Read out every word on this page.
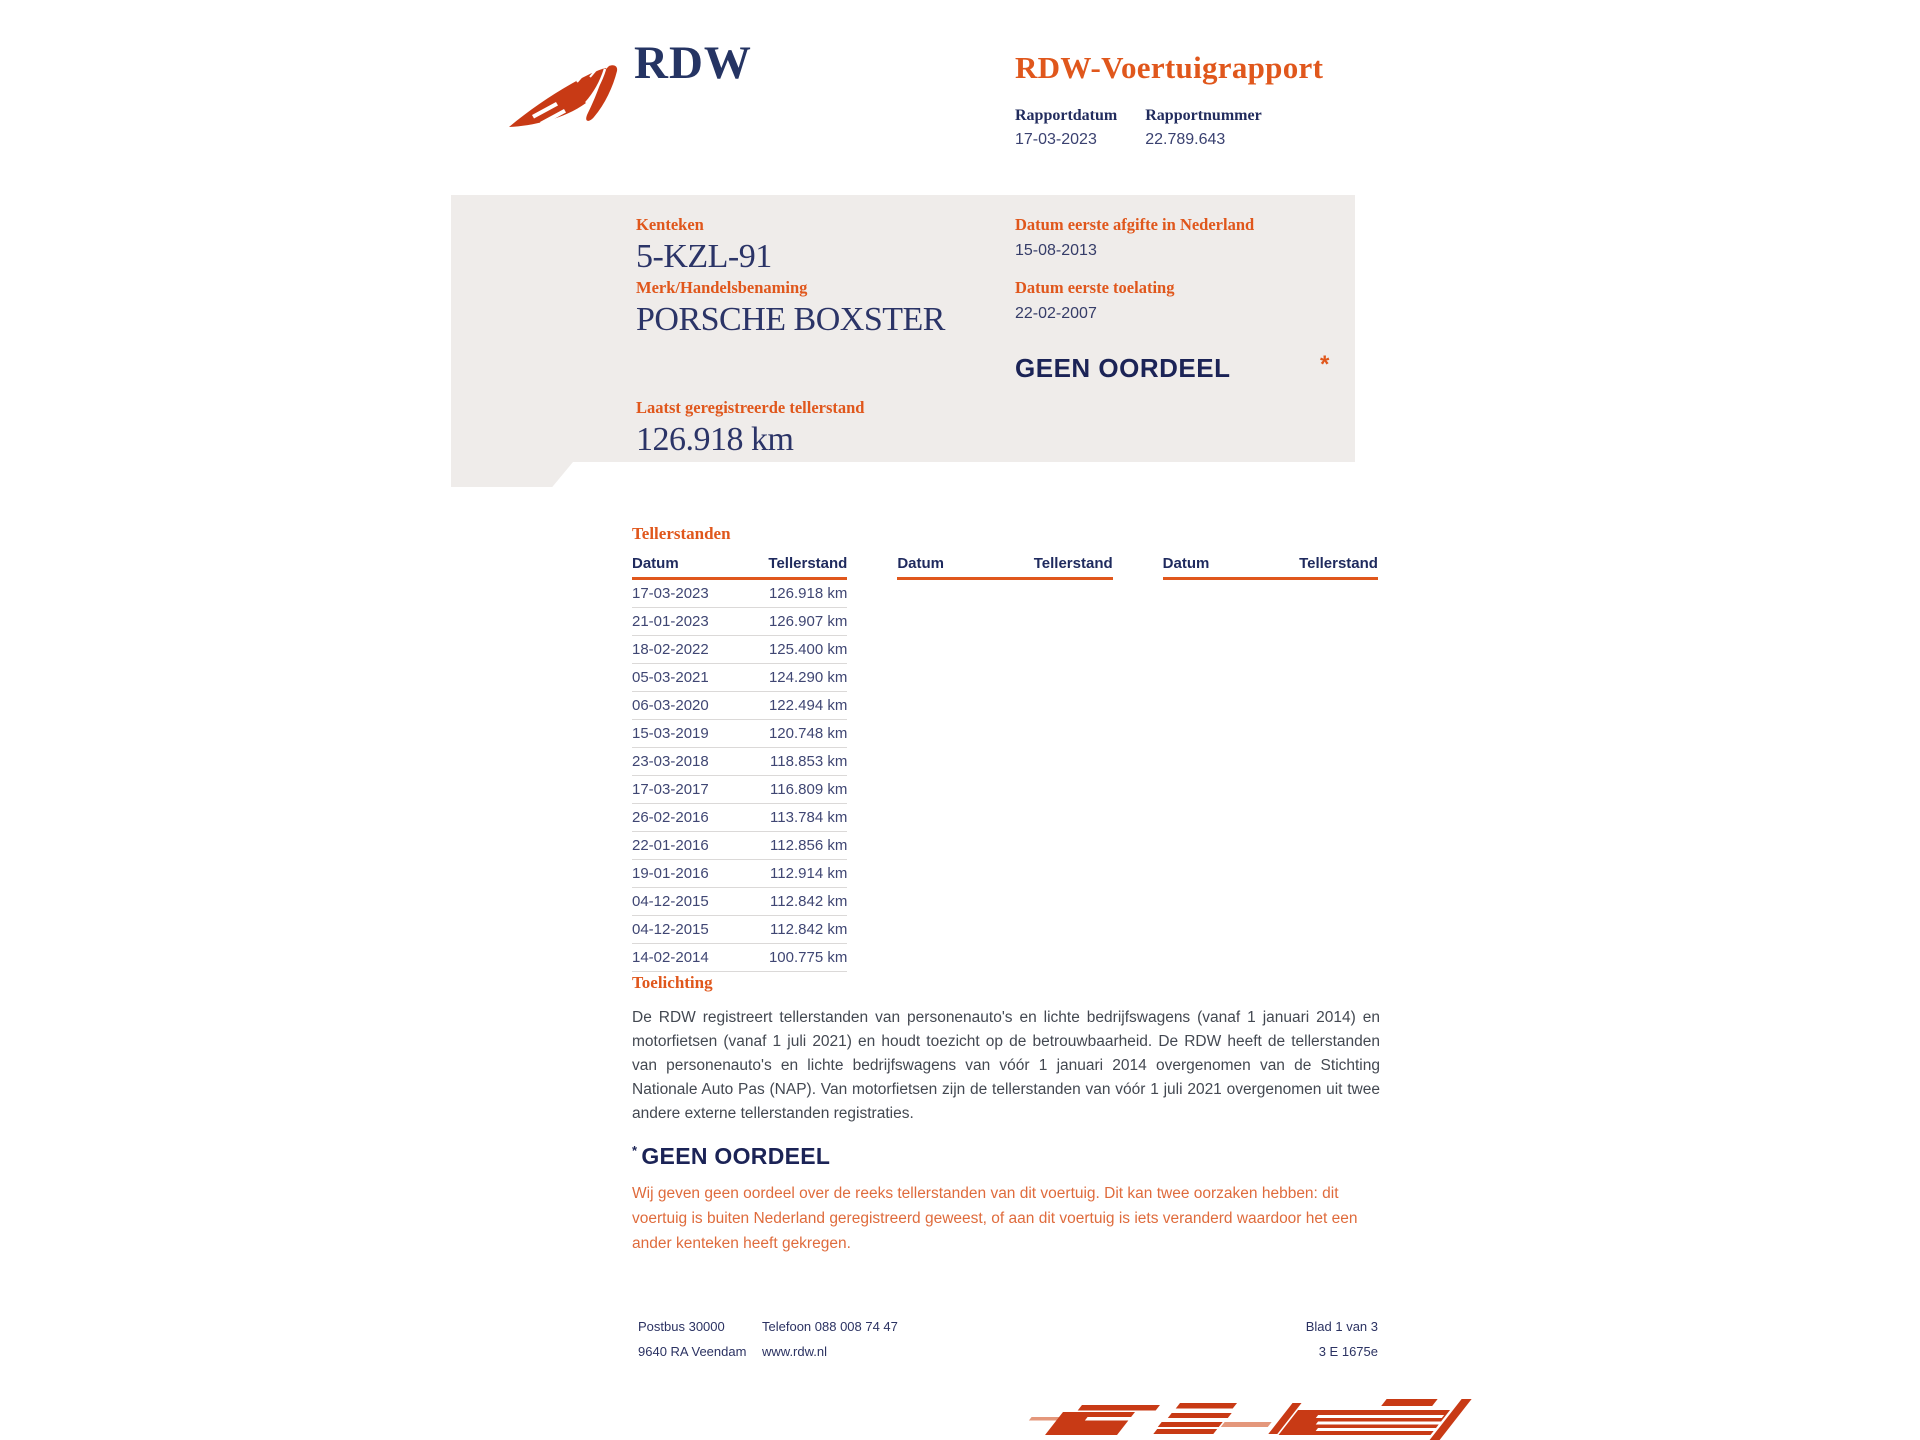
RDW	RDW-Voertuigrapport
Rapportdatum
17-03-2023
Rapportnummer
22.789.643
Kenteken
5-KZL-91
Merk/Handelsbenaming
PORSCHE BOXSTER
Laatst geregistreerde tellerstand
126.918 km
Datum eerste afgifte in Nederland
15-08-2013
Datum eerste toelating
22-02-2007
GEEN OORDEEL	*
Tellerstanden
Datum	Tellerstand
17-03-2023	126.918 km
21-01-2023	126.907 km
18-02-2022	125.400 km
05-03-2021	124.290 km
06-03-2020	122.494 km
15-03-2019	120.748 km
23-03-2018	118.853 km
17-03-2017	116.809 km
26-02-2016	113.784 km
22-01-2016	112.856 km
19-01-2016	112.914 km
04-12-2015	112.842 km
04-12-2015	112.842 km
14-02-2014	100.775 km
Datum	Tellerstand	Datum	Tellerstand
Toelichting
De RDW registreert tellerstanden van personenauto's en lichte bedrijfswagens (vanaf 1 januari 2014) en motorfietsen (vanaf 1 juli 2021) en houdt toezicht op de betrouwbaarheid. De RDW heeft de tellerstanden van personenauto's en lichte bedrijfswagens van vóór 1 januari 2014 overgenomen van de Stichting Nationale Auto Pas (NAP). Van motorfietsen zijn de tellerstanden van vóór 1 juli 2021 overgenomen uit twee andere externe tellerstanden registraties.
* GEEN OORDEEL
Wij geven geen oordeel over de reeks tellerstanden van dit voertuig. Dit kan twee oorzaken hebben: dit voertuig is buiten Nederland geregistreerd geweest, of aan dit voertuig is iets veranderd waardoor het een ander kenteken heeft gekregen.
Postbus 30000
9640 RA Veendam
Telefoon 088 008 74 47
www.rdw.nl
Blad 1 van 3
3 E 1675e
